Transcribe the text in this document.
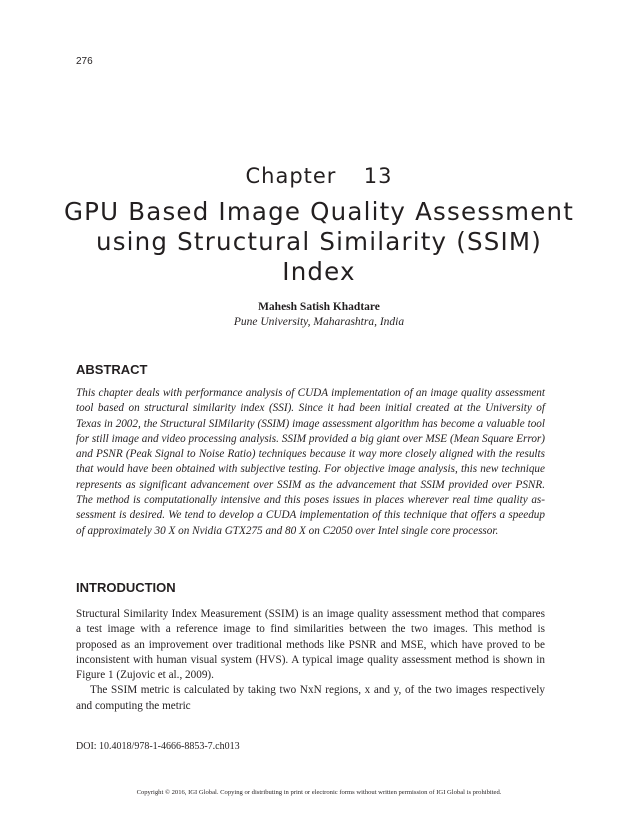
276
Chapter  13
GPU Based Image Quality Assessment using Structural Similarity (SSIM) Index
Mahesh Satish Khadtare
Pune University, Maharashtra, India
ABSTRACT

This chapter deals with performance analysis of CUDA implementation of an image quality assessment tool based on structural similarity index (SSI). Since it had been initial created at the University of Texas in 2002, the Structural SIMilarity (SSIM) image assessment algorithm has become a valuable tool for still image and video processing analysis. SSIM provided a big giant over MSE (Mean Square Error) and PSNR (Peak Signal to Noise Ratio) techniques because it way more closely aligned with the results that would have been obtained with subjective testing. For objective image analysis, this new technique represents as significant advancement over SSIM as the advancement that SSIM provided over PSNR. The method is computationally intensive and this poses issues in places wherever real time quality assessment is desired. We tend to develop a CUDA implementation of this technique that offers a speedup of approximately 30 X on Nvidia GTX275 and 80 X on C2050 over Intel single core processor.

INTRODUCTION

Structural Similarity Index Measurement (SSIM) is an image quality assessment method that compares a test image with a reference image to find similarities between the two images. This method is proposed as an improvement over traditional methods like PSNR and MSE, which have proved to be inconsistent with human visual system (HVS). A typical image quality assessment method is shown in Figure 1 (Zujovic et al., 2009).

The SSIM metric is calculated by taking two NxN regions, x and y, of the two images respectively and computing the metric

DOI: 10.4018/978-1-4666-8853-7.ch013
Copyright © 2016, IGI Global. Copying or distributing in print or electronic forms without written permission of IGI Global is prohibited.
